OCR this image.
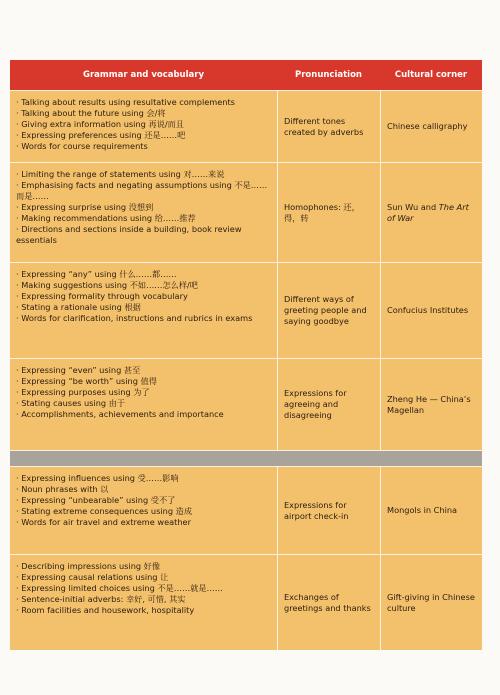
Grammar and vocabulary	Pronunciation	Cultural corner
· Talking about results using resultative complements
· Talking about the future using 会/将
· Giving extra information using 再说/而且
· Expressing preferences using 还是……吧
· Words for course requirements
Different tones created by adverbs
Chinese calligraphy
· Limiting the range of statements using 对……来说
· Emphasising facts and negating assumptions using 不是……而是……
· Expressing surprise using 没想到
· Making recommendations using 给……推荐
· Directions and sections inside a building, book review essentials
Homophones: 还，得，转
Sun Wu and The Art of War
· Expressing “any” using 什么……都……
· Making suggestions using 不如……怎么样/吧
· Expressing formality through vocabulary
· Stating a rationale using 根据
· Words for clarification, instructions and rubrics in exams
Different ways of greeting people and saying goodbye
Confucius Institutes
· Expressing “even” using 甚至
· Expressing “be worth” using 值得
· Expressing purposes using 为了
· Stating causes using 由于
· Accomplishments, achievements and importance
Expressions for agreeing and disagreeing
Zheng He — China’s Magellan
· Expressing influences using 受……影响
· Noun phrases with 以
· Expressing “unbearable” using 受不了
· Stating extreme consequences using 造成
· Words for air travel and extreme weather
Expressions for airport check-in
Mongols in China
· Describing impressions using 好像
· Expressing causal relations using 让
· Expressing limited choices using 不是……就是……
· Sentence-initial adverbs: 幸好, 可惜, 其实
· Room facilities and housework, hospitality
Exchanges of greetings and thanks
Gift-giving in Chinese culture
